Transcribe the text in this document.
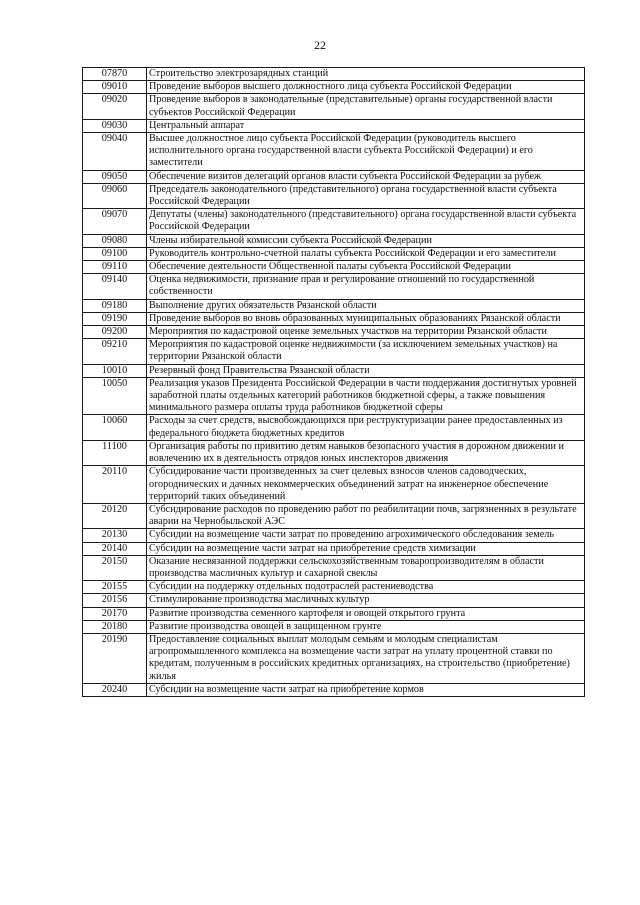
22
07870	Строительство электрозарядных станций
09010	Проведение выборов высшего должностного лица субъекта Российской Федерации
09020	Проведение выборов в законодательные (представительные) органы государственной власти субъектов Российской Федерации
09030	Центральный аппарат
09040	Высшее должностное лицо субъекта Российской Федерации (руководитель высшего исполнительного органа государственной власти субъекта Российской Федерации) и его заместители
09050	Обеспечение визитов делегаций органов власти субъекта Российской Федерации за рубеж
09060	Председатель законодательного (представительного) органа государственной власти субъекта Российской Федерации
09070	Депутаты (члены) законодательного (представительного) органа государственной власти субъекта Российской Федерации
09080	Члены избирательной комиссии субъекта Российской Федерации
09100	Руководитель контрольно-счетной палаты субъекта Российской Федерации и его заместители
09110	Обеспечение деятельности Общественной палаты субъекта Российской Федерации
09140	Оценка недвижимости, признание прав и регулирование отношений по государственной собственности
09180	Выполнение других обязательств Рязанской области
09190	Проведение выборов во вновь образованных муниципальных образованиях Рязанской области
09200	Мероприятия по кадастровой оценке земельных участков на территории Рязанской области
09210	Мероприятия по кадастровой оценке недвижимости (за исключением земельных участков) на территории Рязанской области
10010	Резервный фонд Правительства Рязанской области
10050	Реализация указов Президента Российской Федерации в части поддержания достигнутых уровней заработной платы отдельных категорий работников бюджетной сферы, а также повышения минимального размера оплаты труда работников бюджетной сферы
10060	Расходы за счет средств, высвобождающихся при реструктуризации ранее предоставленных из федерального бюджета бюджетных кредитов
11100	Организация работы по привитию детям навыков безопасного участия в дорожном движении и вовлечению их в деятельность отрядов юных инспекторов движения
20110	Субсидирование части произведенных за счет целевых взносов членов садоводческих, огороднических и дачных некоммерческих объединений затрат на инженерное обеспечение территорий таких объединений
20120	Субсидирование расходов по проведению работ по реабилитации почв, загрязненных в результате аварии на Чернобыльской АЭС
20130	Субсидии на возмещение части затрат по проведению агрохимического обследования земель
20140	Субсидии на возмещение части затрат на приобретение средств химизации
20150	Оказание несвязанной поддержки сельскохозяйственным товаропроизводителям в области производства масличных культур и сахарной свеклы
20155	Субсидии на поддержку отдельных подотраслей растениеводства
20156	Стимулирование производства масличных культур
20170	Развитие производства семенного картофеля и овощей открытого грунта
20180	Развитие производства овощей в защищенном грунте
20190	Предоставление социальных выплат молодым семьям и молодым специалистам агропромышленного комплекса на возмещение части затрат на уплату процентной ставки по кредитам, полученным в российских кредитных организациях, на строительство (приобретение) жилья
20240	Субсидии на возмещение части затрат на приобретение кормов
